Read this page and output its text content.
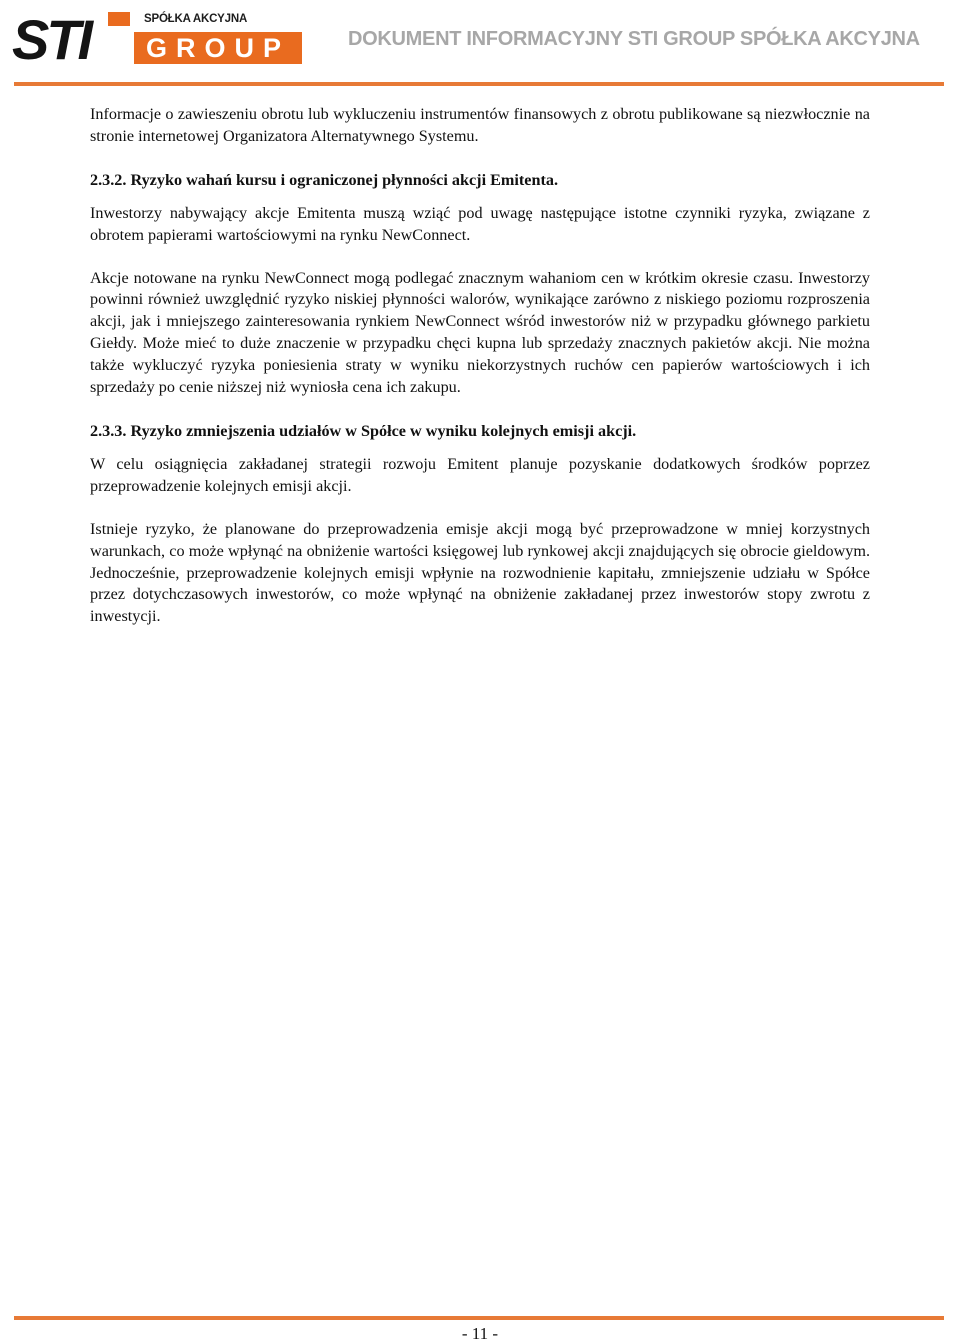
SPÓŁKA AKCYJNA
STI	GROUP	DOKUMENT INFORMACYJNY STI GROUP SPÓŁKA AKCYJNA

Informacje o zawieszeniu obrotu lub wykluczeniu instrumentów finansowych z obrotu publikowane są niezwłocznie na stronie internetowej Organizatora Alternatywnego Systemu.

2.3.2. Ryzyko wahań kursu i ograniczonej płynności akcji Emitenta.

Inwestorzy nabywający akcje Emitenta muszą wziąć pod uwagę następujące istotne czynniki ryzyka, związane z obrotem papierami wartościowymi na rynku NewConnect.

Akcje notowane na rynku NewConnect mogą podlegać znacznym wahaniom cen w krótkim okresie czasu. Inwestorzy powinni również uwzględnić ryzyko niskiej płynności walorów, wynikające zarówno z niskiego poziomu rozproszenia akcji, jak i mniejszego zainteresowania rynkiem NewConnect wśród inwestorów niż w przypadku głównego parkietu Giełdy. Może mieć to duże znaczenie w przypadku chęci kupna lub sprzedaży znacznych pakietów akcji. Nie można także wykluczyć ryzyka poniesienia straty w wyniku niekorzystnych ruchów cen papierów wartościowych i ich sprzedaży po cenie niższej niż wyniosła cena ich zakupu.

2.3.3. Ryzyko zmniejszenia udziałów w Spółce w wyniku kolejnych emisji akcji.

W celu osiągnięcia zakładanej strategii rozwoju Emitent planuje pozyskanie dodatkowych środków poprzez przeprowadzenie kolejnych emisji akcji.

Istnieje ryzyko, że planowane do przeprowadzenia emisje akcji mogą być przeprowadzone w mniej korzystnych warunkach, co może wpłynąć na obniżenie wartości księgowej lub rynkowej akcji znajdujących się obrocie gieldowym. Jednocześnie, przeprowadzenie kolejnych emisji wpłynie na rozwodnienie kapitału, zmniejszenie udziału w Spółce przez dotychczasowych inwestorów, co może wpłynąć na obniżenie zakładanej przez inwestorów stopy zwrotu z inwestycji.

- 11 -
